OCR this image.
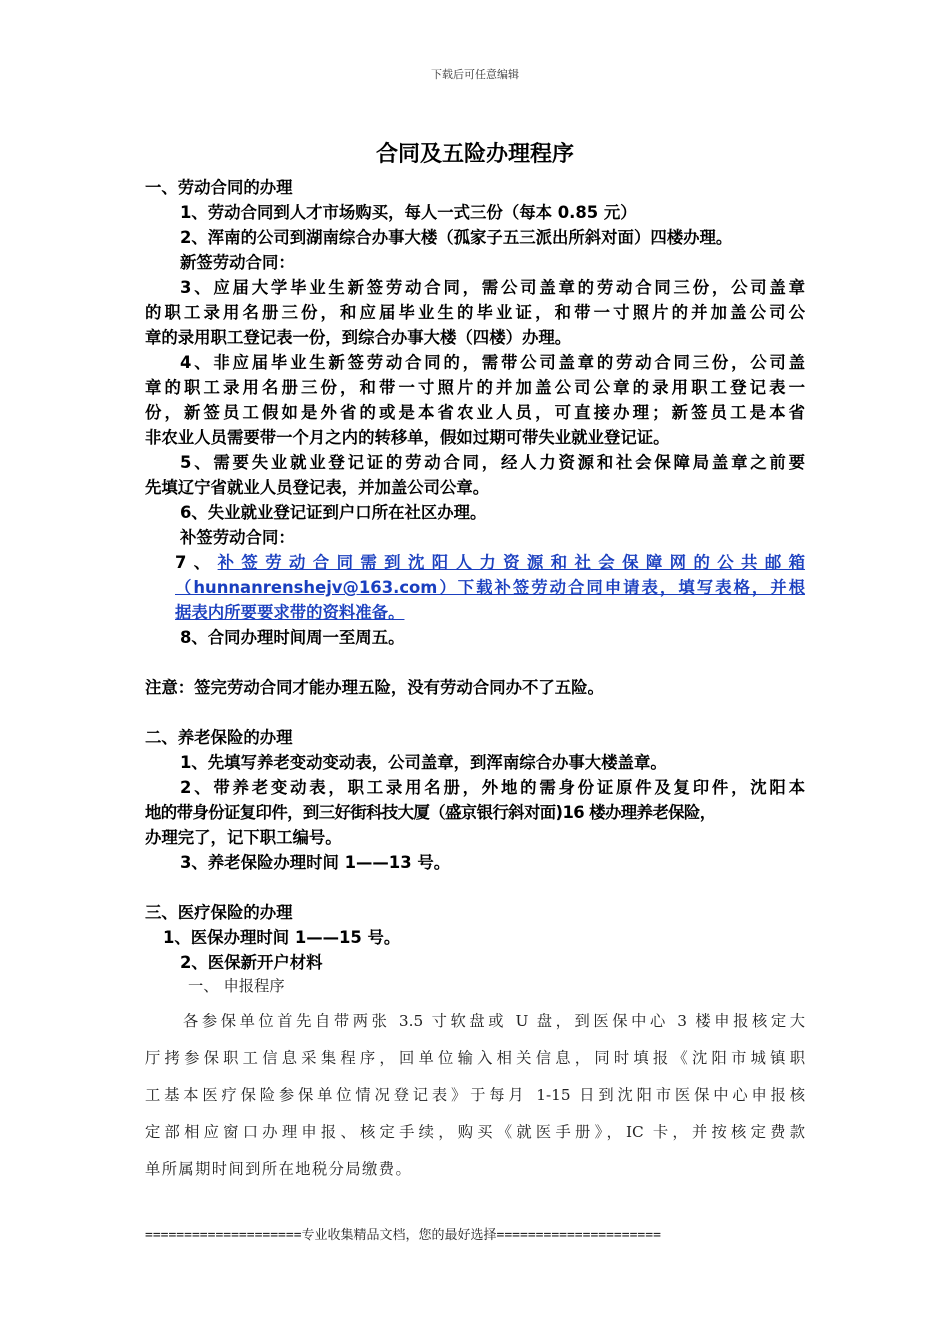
下载后可任意编辑
合同及五险办理程序
一、劳动合同的办理
1、劳动合同到人才市场购买，每人一式三份（每本 0.85 元）
2、浑南的公司到湖南综合办事大楼（孤家子五三派出所斜对面）四楼办理。
新签劳动合同：
3、应届大学毕业生新签劳动合同，需公司盖章的劳动合同三份，公司盖章
的职工录用名册三份，和应届毕业生的毕业证，和带一寸照片的并加盖公司公
章的录用职工登记表一份，到综合办事大楼（四楼）办理。
4、非应届毕业生新签劳动合同的，需带公司盖章的劳动合同三份，公司盖
章的职工录用名册三份，和带一寸照片的并加盖公司公章的录用职工登记表一
份，新签员工假如是外省的或是本省农业人员，可直接办理；新签员工是本省
非农业人员需要带一个月之内的转移单，假如过期可带失业就业登记证。
5、需要失业就业登记证的劳动合同，经人力资源和社会保障局盖章之前要
先填辽宁省就业人员登记表，并加盖公司公章。
6、失业就业登记证到户口所在社区办理。
补签劳动合同：
7、补签劳动合同需到沈阳人力资源和社会保障网的公共邮箱
（hunnanrenshejv@163.com）下载补签劳动合同申请表，填写表格，并根
据表内所要要求带的资料准备。
8、合同办理时间周一至周五。
注意：签完劳动合同才能办理五险，没有劳动合同办不了五险。
二、养老保险的办理
1、先填写养老变动变动表，公司盖章，到浑南综合办事大楼盖章。
2、带养老变动表，职工录用名册，外地的需身份证原件及复印件，沈阳本
地的带身份证复印件，到三好街科技大厦（盛京银行斜对面)16 楼办理养老保险，
办理完了，记下职工编号。
3、养老保险办理时间 1——13 号。
三、医疗保险的办理
1、医保办理时间 1——15 号。
2、医保新开户材料
一、 申报程序
各参保单位首先自带两张 3.5 寸软盘或 U 盘，到医保中心 3 楼申报核定大
厅拷参保职工信息采集程序，回单位输入相关信息，同时填报《沈阳市城镇职
工基本医疗保险参保单位情况登记表》于每月 1-15 日到沈阳市医保中心申报核
定部相应窗口办理申报、核定手续，购买《就医手册》，IC 卡，并按核定费款
单所属期时间到所在地税分局缴费。
====================专业收集精品文档，您的最好选择=====================
